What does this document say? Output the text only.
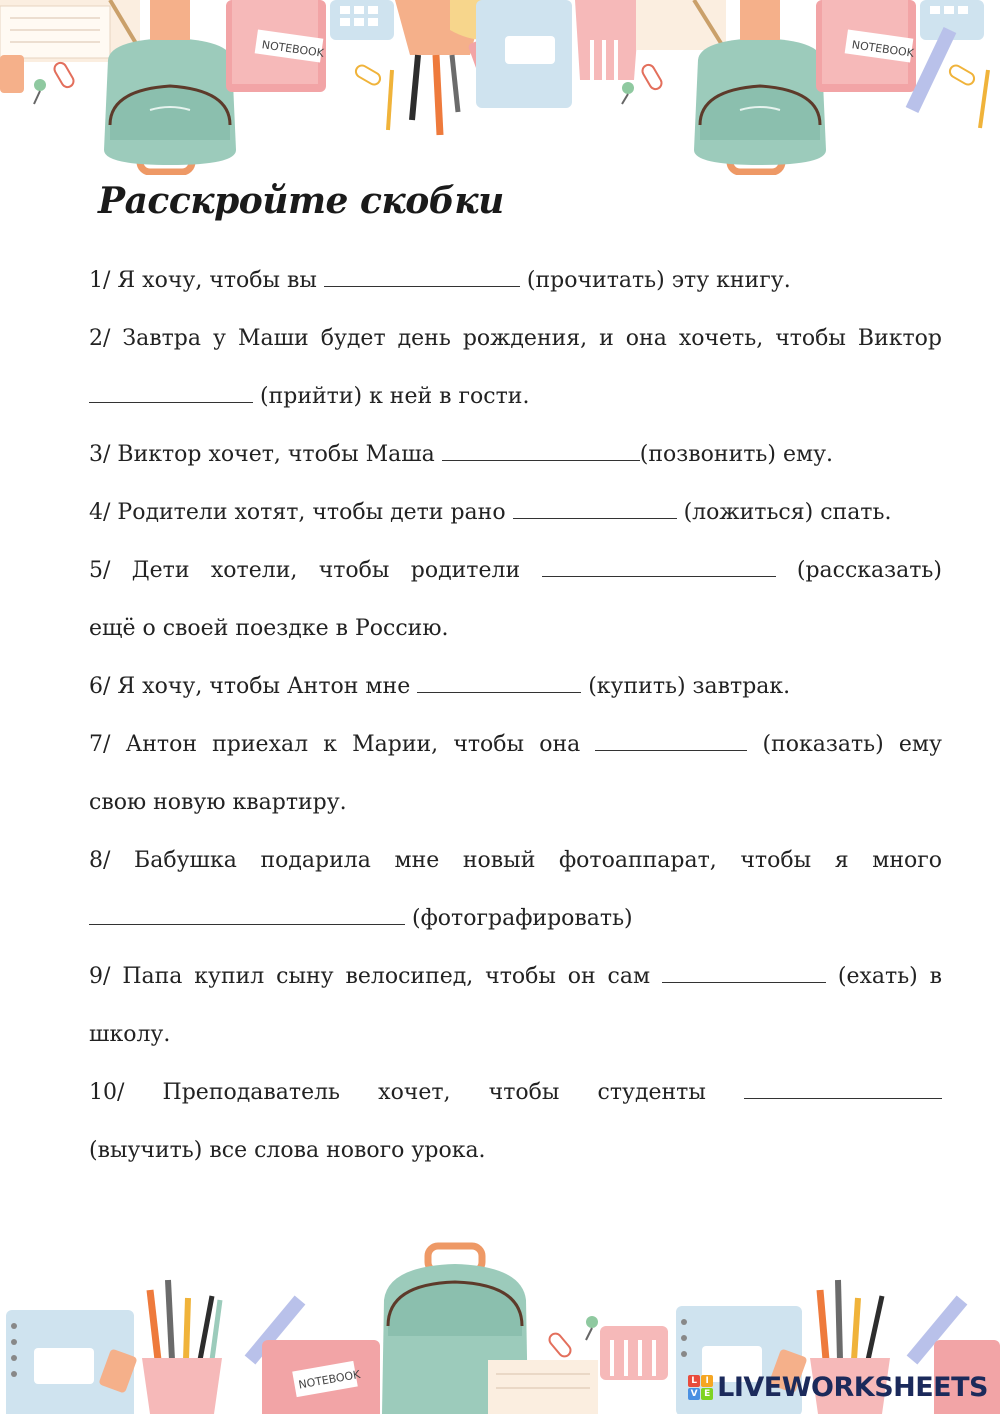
NOTEBOOK	NOTEBOOK
Расскройте скобки
1/ Я хочу, чтобы вы	(прочитать) эту книгу.
2/ Завтра у Маши будет день рождения, и она хочеть, чтобы Виктор
(прийти) к ней в гости.
3/ Виктор хочет, чтобы Маша	(позвонить) ему.
4/ Родители хотят, чтобы дети рано	(ложиться) спать.
5/ Дети хотели, чтобы родители	(рассказать)
ещё о своей поездке в Россию.
6/ Я хочу, чтобы Антон мне	(купить) завтрак.
7/ Антон приехал к Марии, чтобы она	(показать) ему
свою новую квартиру.
8/ Бабушка подарила мне новый фотоаппарат, чтобы я много
(фотографировать)
9/ Папа купил сыну велосипед, чтобы он сам	(ехать) в
школу.
10/ Преподаватель хочет, чтобы студенты
(выучить) все слова нового урока.
NOTEBOOK	L I
V E LIVEWORKSHEETS
